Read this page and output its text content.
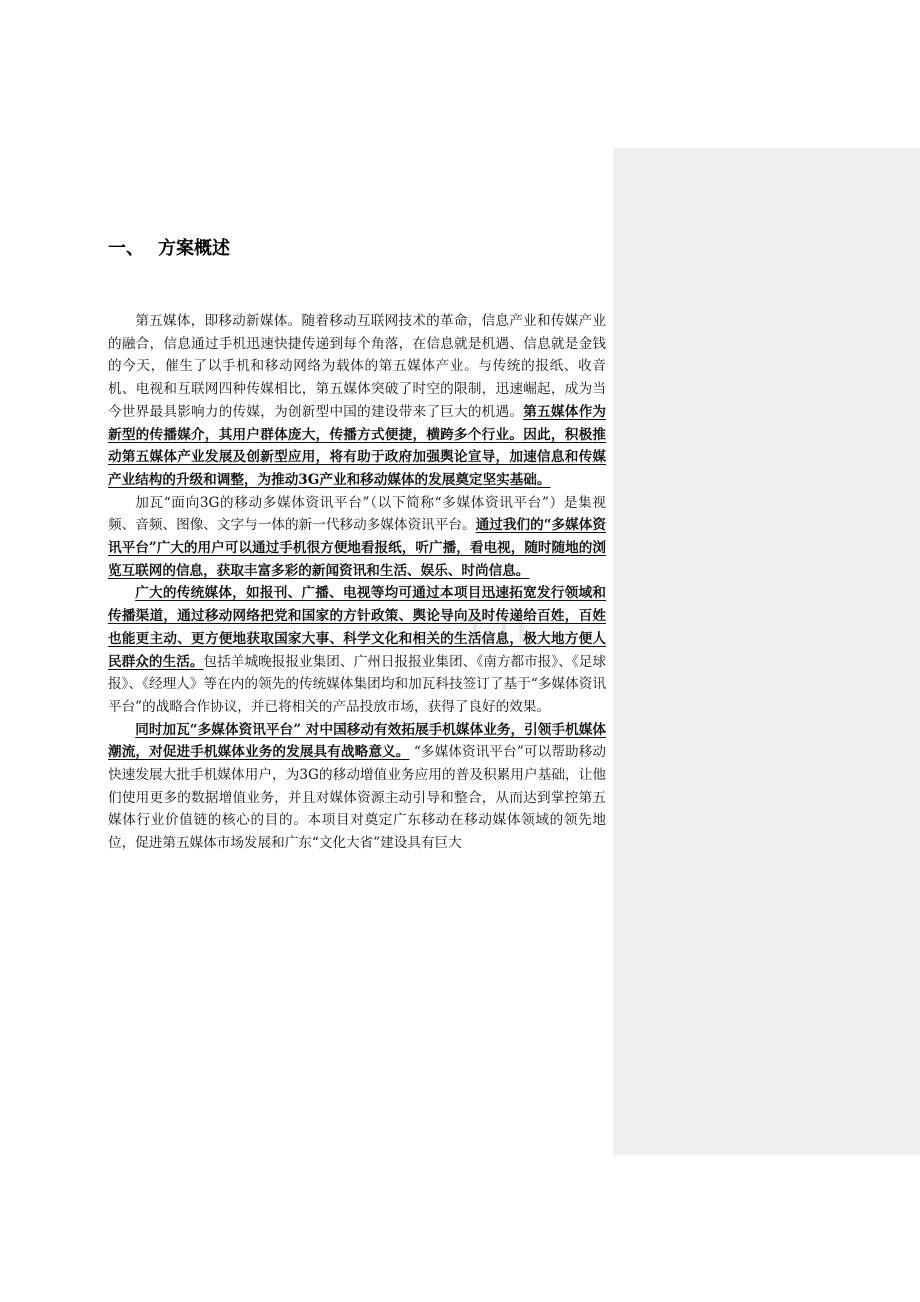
cn
一、 方案概述

第五媒体，即移动新媒体。随着移动互联网技术的革命，信息产业和传媒产业的融合，信息通过手机迅速快捷传递到每个角落，在信息就是机遇、信息就是金钱的今天，催生了以手机和移动网络为载体的第五媒体产业。与传统的报纸、收音机、电视和互联网四种传媒相比，第五媒体突破了时空的限制，迅速崛起，成为当今世界最具影响力的传媒，为创新型中国的建设带来了巨大的机遇。第五媒体作为新型的传播媒介，其用户群体庞大，传播方式便捷，横跨多个行业。因此，积极推动第五媒体产业发展及创新型应用，将有助于政府加强舆论宣导，加速信息和传媒产业结构的升级和调整，为推动3G产业和移动媒体的发展奠定坚实基础。

加瓦“面向3G的移动多媒体资讯平台”（以下简称“多媒体资讯平台”）是集视频、音频、图像、文字与一体的新一代移动多媒体资讯平台。通过我们的“多媒体资讯平台”广大的用户可以通过手机很方便地看报纸，听广播，看电视，随时随地的浏览互联网的信息，获取丰富多彩的新闻资讯和生活、娱乐、时尚信息。

广大的传统媒体，如报刊、广播、电视等均可通过本项目迅速拓宽发行领域和传播渠道，通过移动网络把党和国家的方针政策、舆论导向及时传递给百姓，百姓也能更主动、更方便地获取国家大事、科学文化和相关的生活信息，极大地方便人民群众的生活。包括羊城晚报报业集团、广州日报报业集团、《南方都市报》、《足球报》、《经理人》等在内的领先的传统媒体集团均和加瓦科技签订了基于“多媒体资讯平台”的战略合作协议，并已将相关的产品投放市场，获得了良好的效果。

同时加瓦“多媒体资讯平台” 对中国移动有效拓展手机媒体业务，引领手机媒体潮流，对促进手机媒体业务的发展具有战略意义。 “多媒体资讯平台”可以帮助移动快速发展大批手机媒体用户，为3G的移动增值业务应用的普及积累用户基础，让他们使用更多的数据增值业务，并且对媒体资源主动引导和整合，从而达到掌控第五媒体行业价值链的核心的目的。本项目对奠定广东移动在移动媒体领域的领先地位，促进第五媒体市场发展和广东“文化大省”建设具有巨大
